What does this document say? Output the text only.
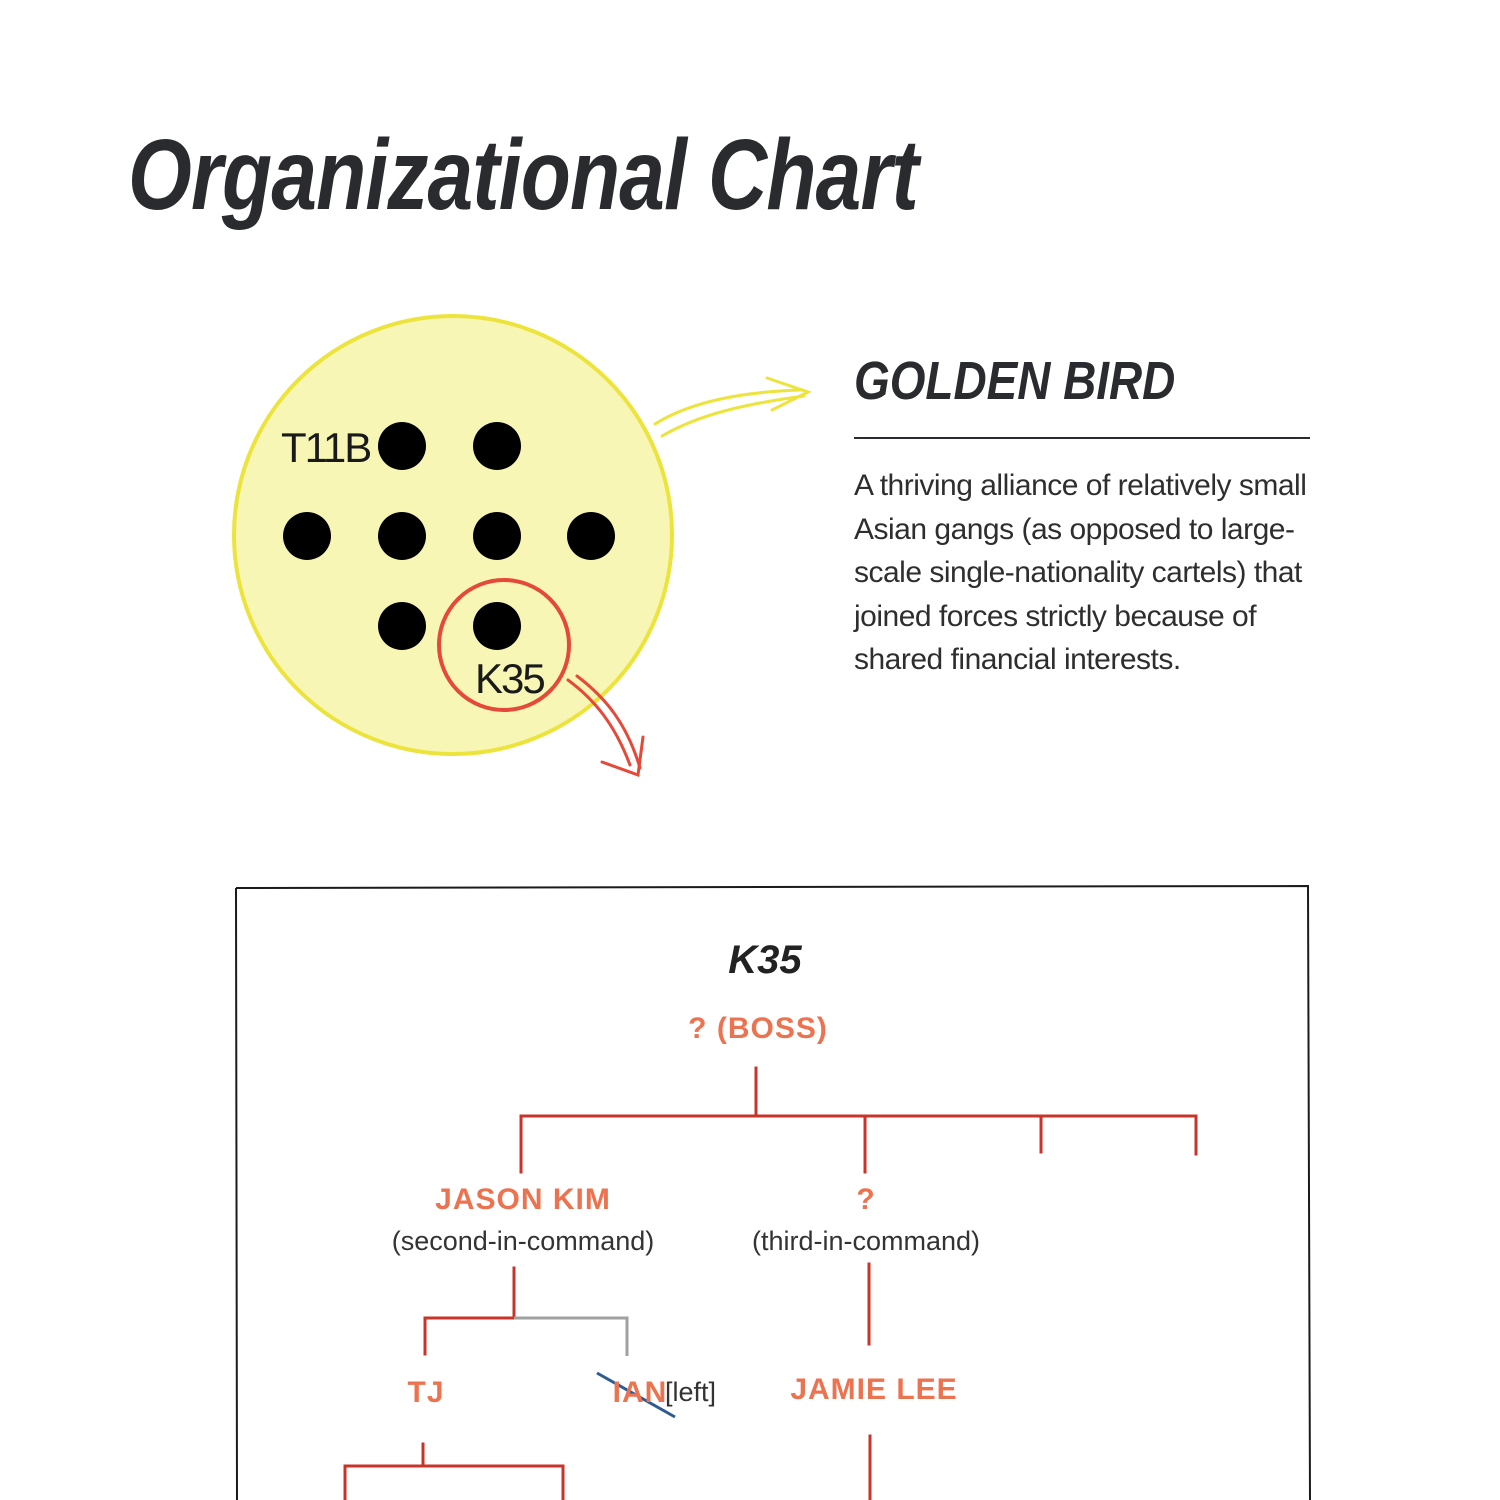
Organizational Chart
T11B
K35
GOLDEN BIRD

A thriving alliance of relatively small Asian gangs (as opposed to large-scale single-nationality cartels) that joined forces strictly because of shared financial interests.

K35
? (BOSS)
JASON KIM
(second-in-command)
?
(third-in-command)
TJ	IAN
[left] JAMIE LEE
